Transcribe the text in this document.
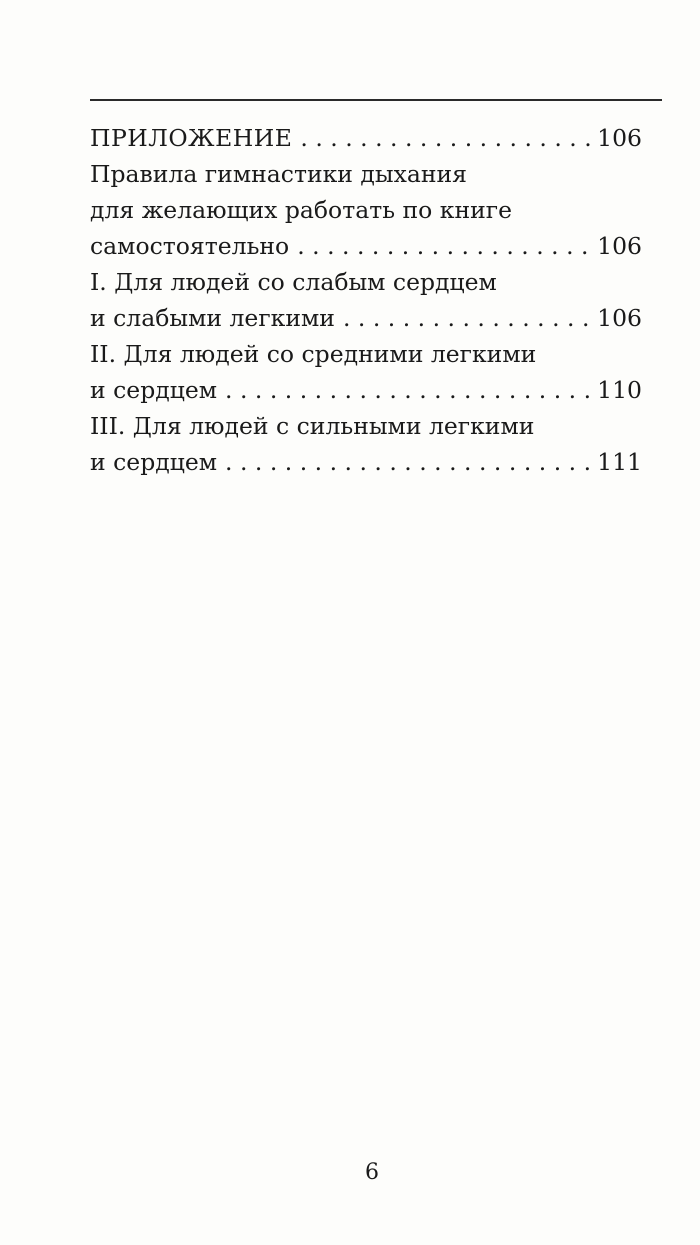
ПРИЛОЖЕНИЕ . . .	106
Правила гимнастики дыхания
для желающих работать по книге
самостоятельно . . .	106
I. Для людей со слабым сердцем
и слабыми легкими . . .	106
II. Для людей со средними легкими
и сердцем . . .	110
III. Для людей с сильными легкими
и сердцем . . .	111
6
